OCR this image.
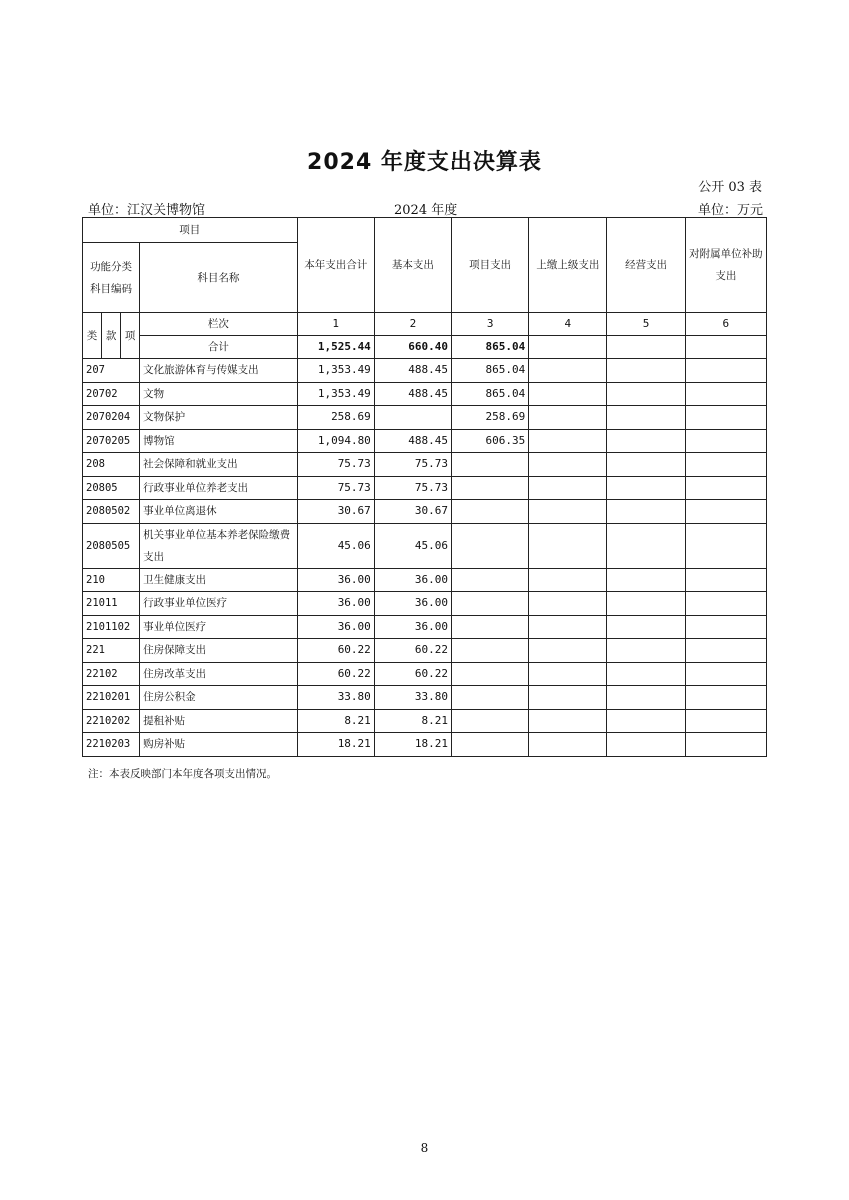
2024 年度支出决算表
公开 03 表
单位：江汉关博物馆	2024 年度	单位：万元
项目				本年支出合计	基本支出	项目支出	上缴上级支出	经营支出	对附属单位补助支出
功能分类科目编码			科目名称						
类	款	项	栏次	1	2	3	4	5	6
			合计	1,525.44	660.40	865.04			
207			文化旅游体育与传媒支出	1,353.49	488.45	865.04			
20702			文物	1,353.49	488.45	865.04			
2070204			文物保护	258.69		258.69			
2070205			博物馆	1,094.80	488.45	606.35			
208			社会保障和就业支出	75.73	75.73				
20805			行政事业单位养老支出	75.73	75.73				
2080502			事业单位离退休	30.67	30.67				
2080505			机关事业单位基本养老保险缴费支出	45.06	45.06				
210			卫生健康支出	36.00	36.00				
21011			行政事业单位医疗	36.00	36.00				
2101102			事业单位医疗	36.00	36.00				
221			住房保障支出	60.22	60.22				
22102			住房改革支出	60.22	60.22				
2210201			住房公积金	33.80	33.80				
2210202			提租补贴	8.21	8.21				
2210203			购房补贴	18.21	18.21				
注：本表反映部门本年度各项支出情况。
8
